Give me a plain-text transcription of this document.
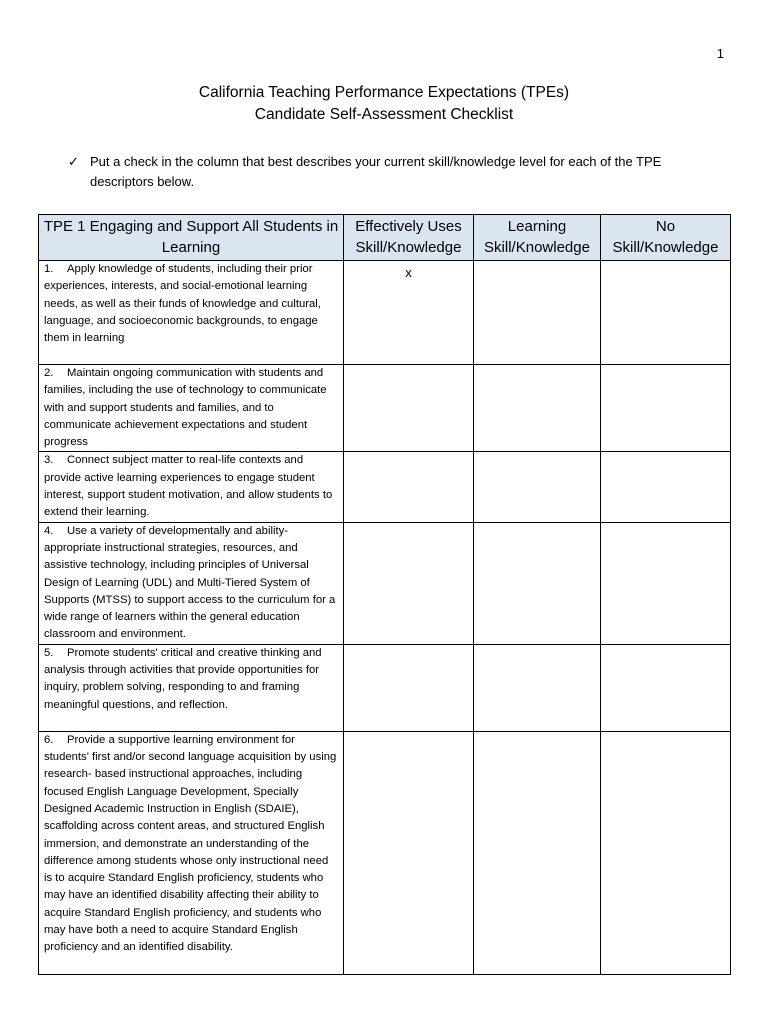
1
California Teaching Performance Expectations (TPEs)
Candidate Self-Assessment Checklist
✓ Put a check in the column that best describes your current skill/knowledge level for each of the TPE descriptors below.
TPE 1 Engaging and Support All Students in Learning	Effectively Uses Skill/Knowledge	Learning Skill/Knowledge	No Skill/Knowledge
1. Apply knowledge of students, including their prior experiences, interests, and social-emotional learning needs, as well as their funds of knowledge and cultural, language, and socioeconomic backgrounds, to engage them in learning	x		
2. Maintain ongoing communication with students and families, including the use of technology to communicate with and support students and families, and to communicate achievement expectations and student progress			
3. Connect subject matter to real-life contexts and provide active learning experiences to engage student interest, support student motivation, and allow students to extend their learning.			
4. Use a variety of developmentally and ability-appropriate instructional strategies, resources, and assistive technology, including principles of Universal Design of Learning (UDL) and Multi-Tiered System of Supports (MTSS) to support access to the curriculum for a wide range of learners within the general education classroom and environment.			
5. Promote students' critical and creative thinking and analysis through activities that provide opportunities for inquiry, problem solving, responding to and framing meaningful questions, and reflection.			
6. Provide a supportive learning environment for students' first and/or second language acquisition by using research- based instructional approaches, including focused English Language Development, Specially Designed Academic Instruction in English (SDAIE), scaffolding across content areas, and structured English immersion, and demonstrate an understanding of the difference among students whose only instructional need is to acquire Standard English proficiency, students who may have an identified disability affecting their ability to acquire Standard English proficiency, and students who may have both a need to acquire Standard English proficiency and an identified disability.			
